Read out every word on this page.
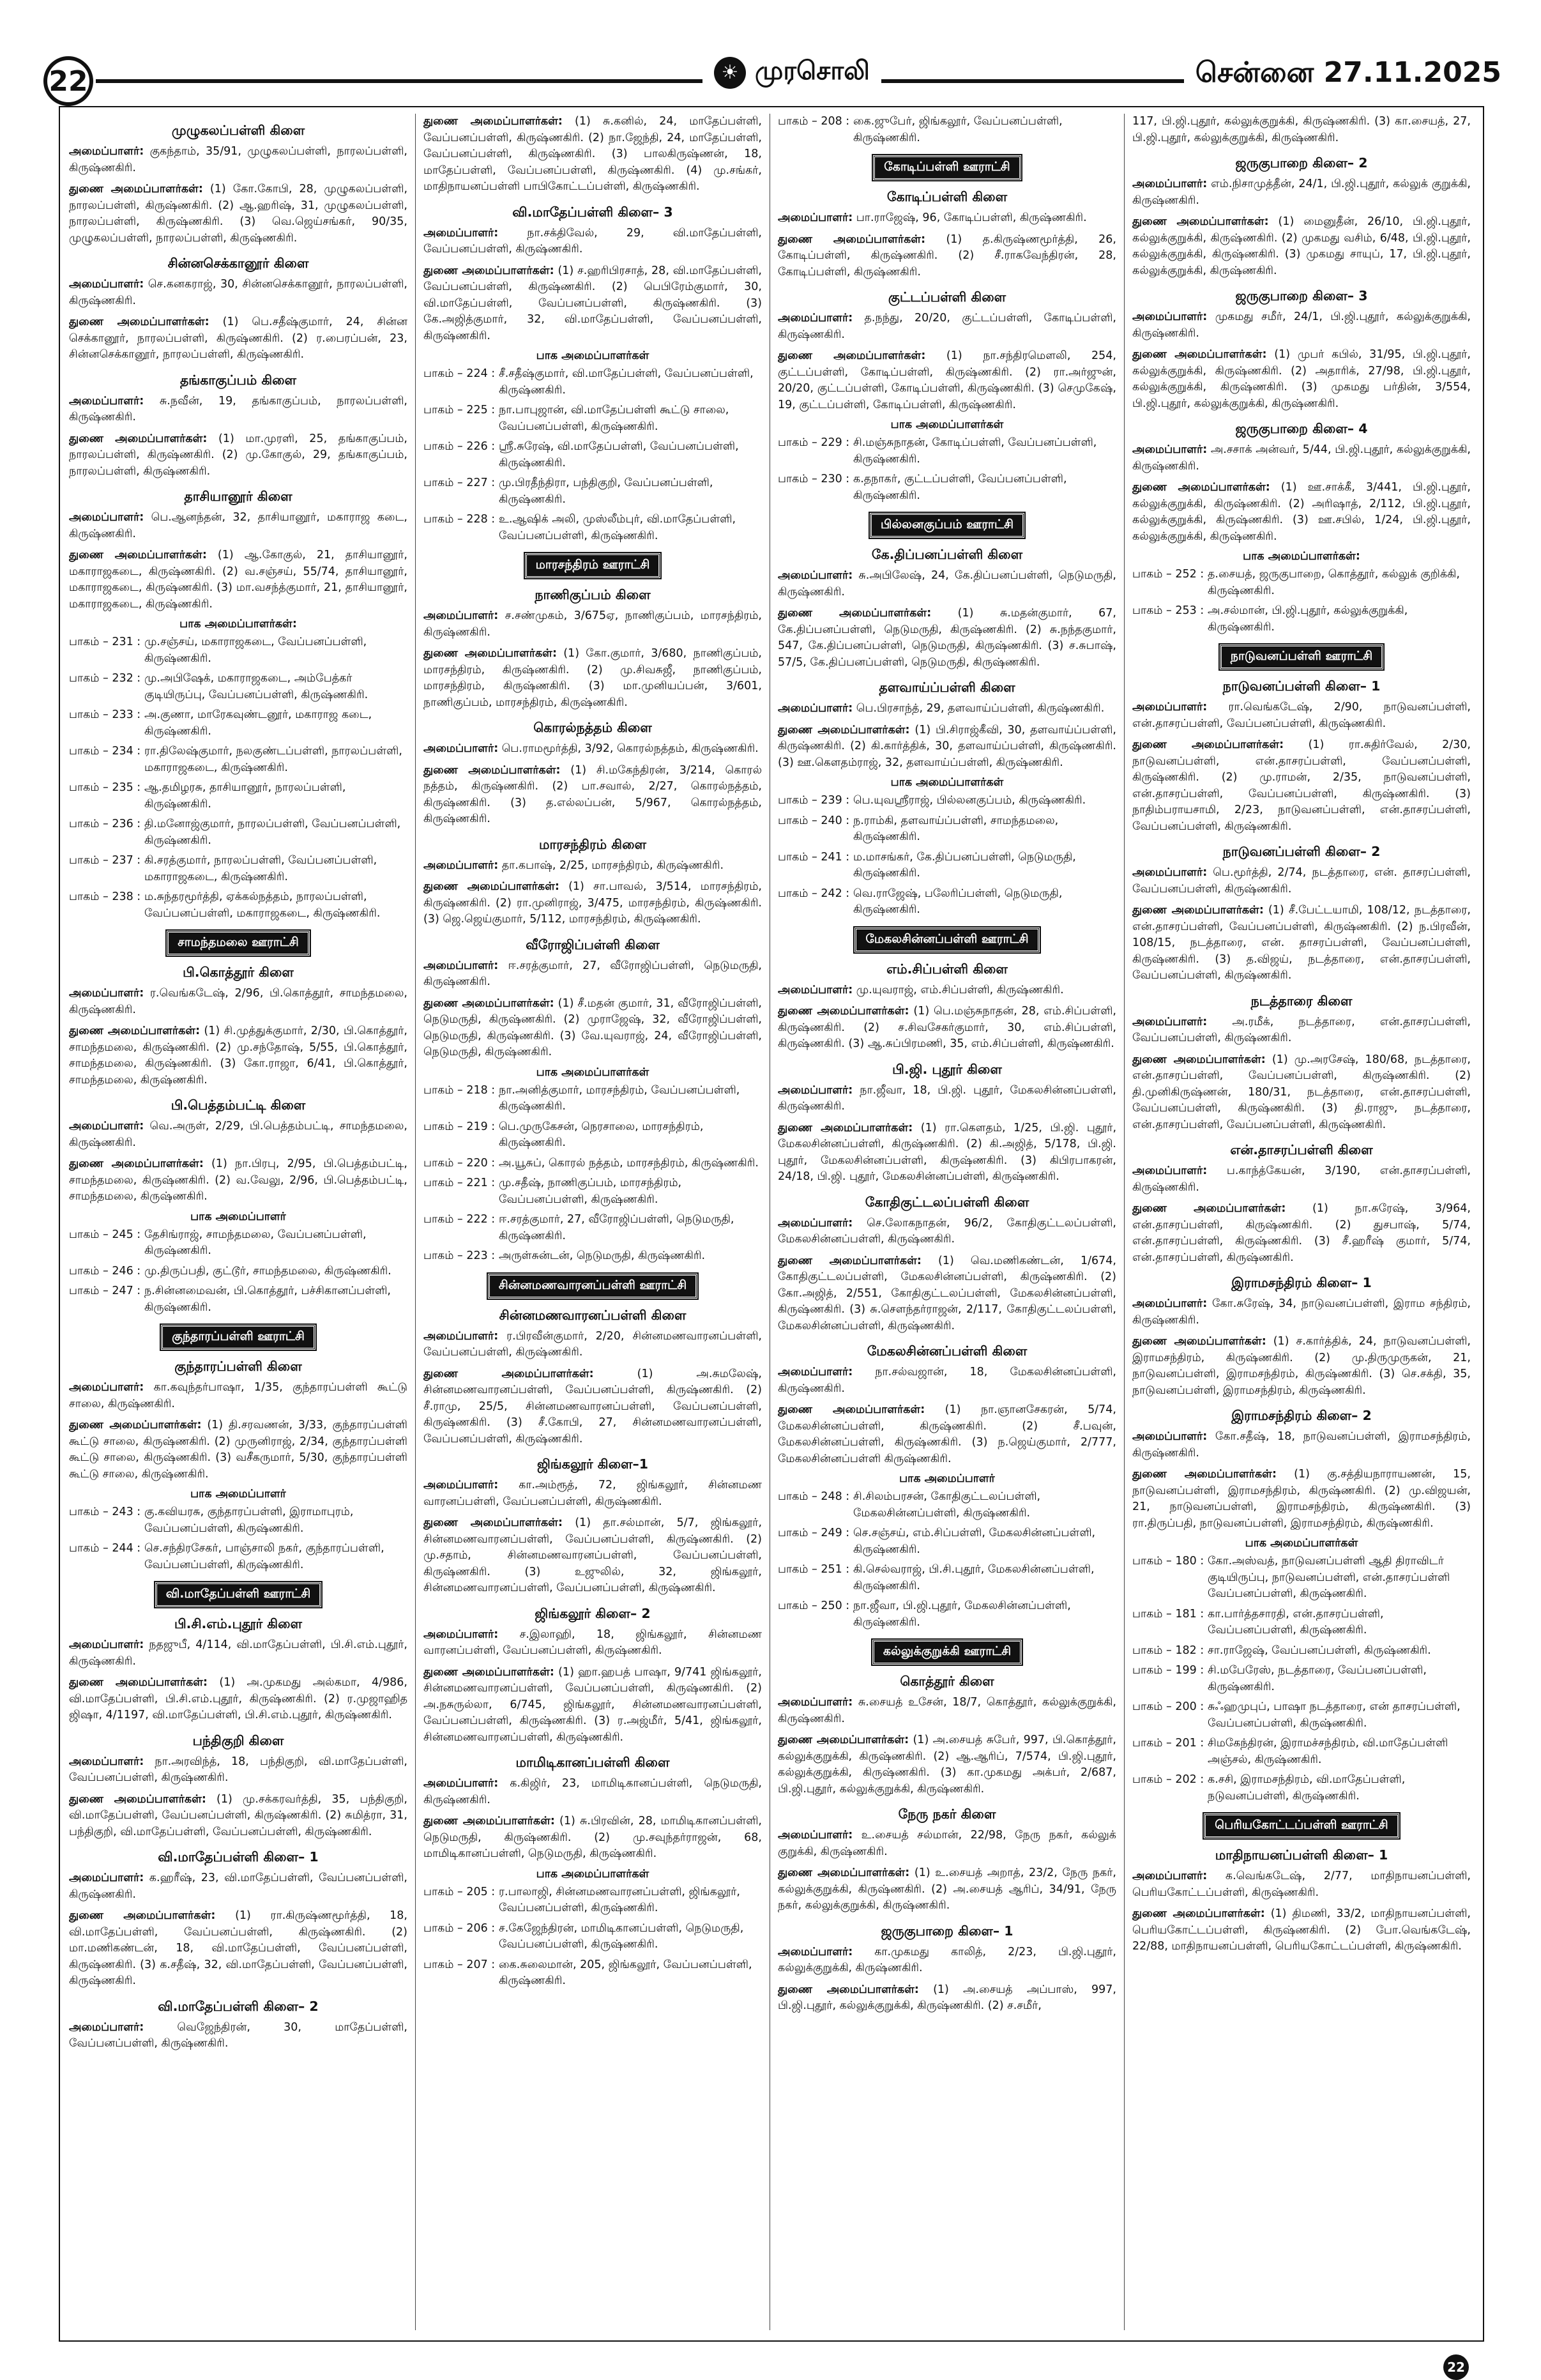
22	☀ முரசொலி	சென்னை 27.11.2025
முழுகலப்பள்ளி கிளை
அமைப்பாளர்: குகந்தாம், 35/91, முழுகலப்பள்ளி, நாரலப்பள்ளி, கிருஷ்ணகிரி.
துணை அமைப்பாளர்கள்: (1) கோ.கோபி, 28, முழுகலப்பள்ளி, நாரலப்பள்ளி, கிருஷ்ணகிரி. (2) ஆ.ஹரிஷ், 31, முழுகலப்பள்ளி, நாரலப்பள்ளி, கிருஷ்ணகிரி. (3) வெ.ஜெய்சங்கர், 90/35, முழுகலப்பள்ளி, நாரலப்பள்ளி, கிருஷ்ணகிரி.
சின்னசெக்கானூர் கிளை
அமைப்பாளர்: செ.கனகராஜ், 30, சின்னசெக்கானூர், நாரலப்பள்ளி, கிருஷ்ணகிரி.
துணை அமைப்பாளர்கள்: (1) பெ.சதீஷ்குமார், 24, சின்ன செக்கானூர், நாரலப்பள்ளி, கிருஷ்ணகிரி. (2) ர.பைரப்பன், 23, சின்னசெக்கானூர், நாரலப்பள்ளி, கிருஷ்ணகிரி.
தங்காகுப்பம் கிளை
அமைப்பாளர்: சு.நவீன், 19, தங்காகுப்பம், நாரலப்பள்ளி, கிருஷ்ணகிரி.
துணை அமைப்பாளர்கள்: (1) மா.முரளி, 25, தங்காகுப்பம், நாரலப்பள்ளி, கிருஷ்ணகிரி. (2) மு.கோகுல், 29, தங்காகுப்பம், நாரலப்பள்ளி, கிருஷ்ணகிரி.
தாசியானூர் கிளை
அமைப்பாளர்: பெ.ஆனந்தன், 32, தாசியானூர், மகாராஜ கடை, கிருஷ்ணகிரி.
துணை அமைப்பாளர்கள்: (1) ஆ.கோகுல், 21, தாசியானூர், மகாராஜகடை, கிருஷ்ணகிரி. (2) வ.சஞ்சய், 55/74, தாசியானூர், மகாராஜகடை, கிருஷ்ணகிரி. (3) மா.வசந்த்குமார், 21, தாசியானூர், மகாராஜகடை, கிருஷ்ணகிரி.
பாக அமைப்பாளர்கள்:
பாகம் – 231 : மு.சஞ்சய், மகாராஜகடை, வேப்பனப்பள்ளி, கிருஷ்ணகிரி.
பாகம் – 232 : மு.அபிஷேக், மகாராஜகடை, அம்பேத்கர் குடியிருப்பு, வேப்பனப்பள்ளி, கிருஷ்ணகிரி.
பாகம் – 233 : அ.குணா, மாரேகவுண்டனூர், மகாராஜ கடை, கிருஷ்ணகிரி.
பாகம் – 234 : ரா.திலேஷ்குமார், நலகுண்டப்பள்ளி, நாரலப்பள்ளி, மகாராஜகடை, கிருஷ்ணகிரி.
பாகம் – 235 : ஆ.தமிழரசு, தாசியானூர், நாரலப்பள்ளி, கிருஷ்ணகிரி.
பாகம் – 236 : தி.மனோஜ்குமார், நாரலப்பள்ளி, வேப்பனப்பள்ளி, கிருஷ்ணகிரி.
பாகம் – 237 : கி.சரத்குமார், நாரலப்பள்ளி, வேப்பனப்பள்ளி, மகாராஜகடை, கிருஷ்ணகிரி.
பாகம் – 238 : ம.சுந்தரமூர்த்தி, ஏக்கல்நத்தம், நாரலப்பள்ளி, வேப்பனப்பள்ளி, மகாராஜகடை, கிருஷ்ணகிரி.
சாமந்தமலை ஊராட்சி
பி.கொத்தூர் கிளை
அமைப்பாளர்: ர.வெங்கடேஷ், 2/96, பி.கொத்தூர், சாமந்தமலை, கிருஷ்ணகிரி.
துணை அமைப்பாளர்கள்: (1) சி.முத்துக்குமார், 2/30, பி.கொத்தூர், சாமந்தமலை, கிருஷ்ணகிரி. (2) மு.சந்தோஷ், 5/55, பி.கொத்தூர், சாமந்தமலை, கிருஷ்ணகிரி. (3) கோ.ராஜா, 6/41, பி.கொத்தூர், சாமந்தமலை, கிருஷ்ணகிரி.
பி.பெத்தம்பட்டி கிளை
அமைப்பாளர்: வெ.அருள், 2/29, பி.பெத்தம்பட்டி, சாமந்தமலை, கிருஷ்ணகிரி.
துணை அமைப்பாளர்கள்: (1) நா.பிரபு, 2/95, பி.பெத்தம்பட்டி, சாமந்தமலை, கிருஷ்ணகிரி. (2) வ.வேலு, 2/96, பி.பெத்தம்பட்டி, சாமந்தமலை, கிருஷ்ணகிரி.
பாக அமைப்பாளர்
பாகம் – 245 : தேசிங்ராஜ், சாமந்தமலை, வேப்பனப்பள்ளி, கிருஷ்ணகிரி.
பாகம் – 246 : மு.திருப்பதி, குட்டூர், சாமந்தமலை, கிருஷ்ணகிரி.
பாகம் – 247 : ந.சின்னமைவன், பி.கொத்தூர், பச்சிகானப்பள்ளி, கிருஷ்ணகிரி.
குந்தாரப்பள்ளி ஊராட்சி
குந்தாரப்பள்ளி கிளை
அமைப்பாளர்: கா.கவுந்தர்பாஷா, 1/35, குந்தாரப்பள்ளி கூட்டு சாலை, கிருஷ்ணகிரி.
துணை அமைப்பாளர்கள்: (1) தி.சரவணன், 3/33, குந்தாரப்பள்ளி கூட்டு சாலை, கிருஷ்ணகிரி. (2) முருனிராஜ், 2/34, குந்தாரப்பள்ளி கூட்டு சாலை, கிருஷ்ணகிரி. (3) வசீகருமார், 5/30, குந்தாரப்பள்ளி கூட்டு சாலை, கிருஷ்ணகிரி.
பாக அமைப்பாளர்
பாகம் – 243 : கு.கவியரசு, குந்தாரப்பள்ளி, இராமாபுரம், வேப்பனப்பள்ளி, கிருஷ்ணகிரி.
பாகம் – 244 : செ.சந்திரசேகர், பாஞ்சாலி நகர், குந்தாரப்பள்ளி, வேப்பனப்பள்ளி, கிருஷ்ணகிரி.
வி.மாதேப்பள்ளி ஊராட்சி
பி.சி.எம்.புதூர் கிளை
அமைப்பாளர்: நதஜுபீ, 4/114, வி.மாதேப்பள்ளி, பி.சி.எம்.புதூர், கிருஷ்ணகிரி.
துணை அமைப்பாளர்கள்: (1) அ.முகமது அல்கமா, 4/986, வி.மாதேப்பள்ளி, பி.சி.எம்.புதூர், கிருஷ்ணகிரி. (2) ர.முஜாஹித ஜிஷா, 4/1197, வி.மாதேப்பள்ளி, பி.சி.எம்.புதூர், கிருஷ்ணகிரி.
பந்திகுறி கிளை
அமைப்பாளர்: நா.அரவிந்த், 18, பந்திகுறி, வி.மாதேப்பள்ளி, வேப்பனப்பள்ளி, கிருஷ்ணகிரி.
துணை அமைப்பாளர்கள்: (1) மு.சக்கரவர்த்தி, 35, பந்திகுறி, வி.மாதேப்பள்ளி, வேப்பனப்பள்ளி, கிருஷ்ணகிரி. (2) சுமித்ரா, 31, பந்திகுறி, வி.மாதேப்பள்ளி, வேப்பனப்பள்ளி, கிருஷ்ணகிரி.
வி.மாதேப்பள்ளி கிளை– 1
அமைப்பாளர்: க.ஹரீஷ், 23, வி.மாதேப்பள்ளி, வேப்பனப்பள்ளி, கிருஷ்ணகிரி.
துணை அமைப்பாளர்கள்: (1) ரா.கிருஷ்ணமூர்த்தி, 18, வி.மாதேப்பள்ளி, வேப்பனப்பள்ளி, கிருஷ்ணகிரி. (2) மா.மணிகண்டன், 18, வி.மாதேப்பள்ளி, வேப்பனப்பள்ளி, கிருஷ்ணகிரி. (3) க.சதீஷ், 32, வி.மாதேப்பள்ளி, வேப்பனப்பள்ளி, கிருஷ்ணகிரி.
வி.மாதேப்பள்ளி கிளை– 2
அமைப்பாளர்: வெஜேந்திரன், 30, மாதேப்பள்ளி, வேப்பனப்பள்ளி, கிருஷ்ணகிரி.
துணை அமைப்பாளர்கள்: (1) சு.கனில், 24, மாதேப்பள்ளி, வேப்பனப்பள்ளி, கிருஷ்ணகிரி. (2) நா.ஜேந்தி, 24, மாதேப்பள்ளி, வேப்பனப்பள்ளி, கிருஷ்ணகிரி. (3) பாலகிருஷ்ணன், 18, மாதேப்பள்ளி, வேப்பனப்பள்ளி, கிருஷ்ணகிரி. (4) மு.சங்கர், மாதிநாயனப்பள்ளி பாபிகோட்டப்பள்ளி, கிருஷ்ணகிரி.
வி.மாதேப்பள்ளி கிளை– 3
அமைப்பாளர்: நா.சக்திவேல், 29, வி.மாதேப்பள்ளி, வேப்பனப்பள்ளி, கிருஷ்ணகிரி.
துணை அமைப்பாளர்கள்: (1) ச.ஹரிபிரசாத், 28, வி.மாதேப்பள்ளி, வேப்பனப்பள்ளி, கிருஷ்ணகிரி. (2) பெபிரேம்குமார், 30, வி.மாதேப்பள்ளி, வேப்பனப்பள்ளி, கிருஷ்ணகிரி. (3) கே.அஜித்குமார், 32, வி.மாதேப்பள்ளி, வேப்பனப்பள்ளி, கிருஷ்ணகிரி.
பாக அமைப்பாளர்கள்
பாகம் – 224 : சீ.சதீஷ்குமார், வி.மாதேப்பள்ளி, வேப்பனப்பள்ளி, கிருஷ்ணகிரி.
பாகம் – 225 : நா.பாபுஜான், வி.மாதேப்பள்ளி கூட்டு சாலை, வேப்பனப்பள்ளி, கிருஷ்ணகிரி.
பாகம் – 226 : ஸ்ரீ.சுரேஷ், வி.மாதேப்பள்ளி, வேப்பனப்பள்ளி, கிருஷ்ணகிரி.
பாகம் – 227 : மு.பிரதீந்திரா, பந்திகுறி, வேப்பனப்பள்ளி, கிருஷ்ணகிரி.
பாகம் – 228 : உ.ஆஷிக் அலி, முஸ்லீம்புர், வி.மாதேப்பள்ளி, வேப்பனப்பள்ளி, கிருஷ்ணகிரி.
மாரசந்திரம் ஊராட்சி
நாணிகுப்பம் கிளை
அமைப்பாளர்: ச.சண்முகம், 3/675ஏ, நாணிகுப்பம், மாரசந்திரம், கிருஷ்ணகிரி.
துணை அமைப்பாளர்கள்: (1) கோ.குமார், 3/680, நாணிகுப்பம், மாரசந்திரம், கிருஷ்ணகிரி. (2) மு.சிவசுஜீ, நாணிகுப்பம், மாரசந்திரம், கிருஷ்ணகிரி. (3) மா.முனியப்பன், 3/601, நாணிகுப்பம், மாரசந்திரம், கிருஷ்ணகிரி.
கொரல்நத்தம் கிளை
அமைப்பாளர்: பெ.ராமமூர்த்தி, 3/92, கொரல்நத்தம், கிருஷ்ணகிரி.
துணை அமைப்பாளர்கள்: (1) சி.மகேந்திரன், 3/214, கொரல் நத்தம், கிருஷ்ணகிரி. (2) பா.சவால், 2/27, கொரல்நத்தம், கிருஷ்ணகிரி. (3) த.எல்லப்பன், 5/967, கொரல்நத்தம், கிருஷ்ணகிரி.
மாரசந்திரம் கிளை
அமைப்பாளர்: தா.கபாஷ், 2/25, மாரசந்திரம், கிருஷ்ணகிரி.
துணை அமைப்பாளர்கள்: (1) சா.பாவல், 3/514, மாரசந்திரம், கிருஷ்ணகிரி. (2) ரா.முனிராஜ், 3/475, மாரசந்திரம், கிருஷ்ணகிரி. (3) ஜெ.ஜெய்குமார், 5/112, மாரசந்திரம், கிருஷ்ணகிரி.
வீரோஜிப்பள்ளி கிளை
அமைப்பாளர்: ஈ.சரத்குமார், 27, வீரோஜிப்பள்ளி, நெடுமருதி, கிருஷ்ணகிரி.
துணை அமைப்பாளர்கள்: (1) சீ.மதன் குமார், 31, வீரோஜிப்பள்ளி, நெடுமருதி, கிருஷ்ணகிரி. (2) முராஜேஷ், 32, வீரோஜிப்பள்ளி, நெடுமருதி, கிருஷ்ணகிரி. (3) வே.யுவராஜ், 24, வீரோஜிப்பள்ளி, நெடுமருதி, கிருஷ்ணகிரி.
பாக அமைப்பாளர்கள்
பாகம் – 218 : நா.அனித்குமார், மாரசந்திரம், வேப்பனப்பள்ளி, கிருஷ்ணகிரி.
பாகம் – 219 : பெ.முருகேசன், நெரசாலை, மாரசந்திரம், கிருஷ்ணகிரி.
பாகம் – 220 : அ.யூசுப், கொரல் நத்தம், மாரசந்திரம், கிருஷ்ணகிரி.
பாகம் – 221 : மு.சதீஷ், நாணிகுப்பம், மாரசந்திரம், வேப்பனப்பள்ளி, கிருஷ்ணகிரி.
பாகம் – 222 : ஈ.சரத்குமார், 27, வீரோஜிப்பள்ளி, நெடுமருதி, கிருஷ்ணகிரி.
பாகம் – 223 : அருள்சுன்டன், நெடுமருதி, கிருஷ்ணகிரி.
சின்னமணவாரனப்பள்ளி ஊராட்சி
சின்னமணவாரனப்பள்ளி கிளை
அமைப்பாளர்: ர.பிரவீன்குமார், 2/20, சின்னமணவாரனப்பள்ளி, வேப்பனப்பள்ளி, கிருஷ்ணகிரி.
துணை அமைப்பாளர்கள்: (1) அ.சுமலேஷ், சின்னமணவாரனப்பள்ளி, வேப்பனப்பள்ளி, கிருஷ்ணகிரி. (2) சீ.ராமு, 25/5, சின்னமணவாரனப்பள்ளி, வேப்பனப்பள்ளி, கிருஷ்ணகிரி. (3) சீ.கோபி, 27, சின்னமணவாரனப்பள்ளி, வேப்பனப்பள்ளி, கிருஷ்ணகிரி.
ஜிங்கலூர் கிளை–1
அமைப்பாளர்: கா.அம்ரூத், 72, ஜிங்கலூர், சின்னமண வாரனப்பள்ளி, வேப்பனப்பள்ளி, கிருஷ்ணகிரி.
துணை அமைப்பாளர்கள்: (1) தா.சல்மான், 5/7, ஜிங்கலூர், சின்னமணவாரனப்பள்ளி, வேப்பனப்பள்ளி, கிருஷ்ணகிரி. (2) மு.சதாம், சின்னமணவாரனப்பள்ளி, வேப்பனப்பள்ளி, கிருஷ்ணகிரி. (3) உஜுலில், 32, ஜிங்கலூர், சின்னமணவாரனப்பள்ளி, வேப்பனப்பள்ளி, கிருஷ்ணகிரி.
ஜிங்கலூர் கிளை– 2
அமைப்பாளர்: ச.இலாஹி, 18, ஜிங்கலூர், சின்னமண வாரனப்பள்ளி, வேப்பனப்பள்ளி, கிருஷ்ணகிரி.
துணை அமைப்பாளர்கள்: (1) ஹா.ஹபத் பாஷா, 9/741 ஜிங்கலூர், சின்னமணவாரனப்பள்ளி, வேப்பனப்பள்ளி, கிருஷ்ணகிரி. (2) அ.நசுருல்லா, 6/745, ஜிங்கலூர், சின்னமணவாரனப்பள்ளி, வேப்பனப்பள்ளி, கிருஷ்ணகிரி. (3) ர.அஜ்மீர், 5/41, ஜிங்கலூர், சின்னமணவாரனப்பள்ளி, கிருஷ்ணகிரி.
மாமிடிகானப்பள்ளி கிளை
அமைப்பாளர்: க.கிஜிர், 23, மாமிடிகானப்பள்ளி, நெடுமருதி, கிருஷ்ணகிரி.
துணை அமைப்பாளர்கள்: (1) சு.பிரவின், 28, மாமிடிகானப்பள்ளி, நெடுமருதி, கிருஷ்ணகிரி. (2) மு.சவுந்தர்ராஜன், 68, மாமிடிகானப்பள்ளி, நெடுமருதி, கிருஷ்ணகிரி.
பாக அமைப்பாளர்கள்
பாகம் – 205 : ர.பாலாஜி, சின்னமணவாரனப்பள்ளி, ஜிங்கலூர், வேப்பனப்பள்ளி, கிருஷ்ணகிரி.
பாகம் – 206 : ச.கேஜேந்திரன், மாமிடிகானப்பள்ளி, நெடுமருதி, வேப்பனப்பள்ளி, கிருஷ்ணகிரி.
பாகம் – 207 : கை.சுலைமான், 205, ஜிங்கலூர், வேப்பனப்பள்ளி, கிருஷ்ணகிரி.
பாகம் – 208 : கை.ஜுபேர், ஜிங்கலூர், வேப்பனப்பள்ளி, கிருஷ்ணகிரி.
கோடிப்பள்ளி ஊராட்சி
கோடிப்பள்ளி கிளை
அமைப்பாளர்: பா.ராஜேஷ், 96, கோடிப்பள்ளி, கிருஷ்ணகிரி.
துணை அமைப்பாளர்கள்: (1) த.கிருஷ்ணமூர்த்தி, 26, கோடிப்பள்ளி, கிருஷ்ணகிரி. (2) சீ.ராகவேந்திரன், 28, கோடிப்பள்ளி, கிருஷ்ணகிரி.
குட்டப்பள்ளி கிளை
அமைப்பாளர்: த.நந்து, 20/20, குட்டப்பள்ளி, கோடிப்பள்ளி, கிருஷ்ணகிரி.
துணை அமைப்பாளர்கள்: (1) நா.சந்திரமௌலி, 254, குட்டப்பள்ளி, கோடிப்பள்ளி, கிருஷ்ணகிரி. (2) ரா.அர்ஜுன், 20/20, குட்டப்பள்ளி, கோடிப்பள்ளி, கிருஷ்ணகிரி. (3) செமுகேஷ், 19, குட்டப்பள்ளி, கோடிப்பள்ளி, கிருஷ்ணகிரி.
பாக அமைப்பாளர்கள்
பாகம் – 229 : சி.மஞ்சுநாதன், கோடிப்பள்ளி, வேப்பனப்பள்ளி, கிருஷ்ணகிரி.
பாகம் – 230 : க.தநாகர், குட்டப்பள்ளி, வேப்பனப்பள்ளி, கிருஷ்ணகிரி.
பில்லனகுப்பம் ஊராட்சி
கே.திப்பனப்பள்ளி கிளை
அமைப்பாளர்: சு.அபிலேஷ், 24, கே.திப்பனப்பள்ளி, நெடுமருதி, கிருஷ்ணகிரி.
துணை அமைப்பாளர்கள்: (1) சு.மதன்குமார், 67, கே.திப்பனப்பள்ளி, நெடுமருதி, கிருஷ்ணகிரி. (2) சு.நந்தகுமார், 547, கே.திப்பனப்பள்ளி, நெடுமருதி, கிருஷ்ணகிரி. (3) ச.சுபாஷ், 57/5, கே.திப்பனப்பள்ளி, நெடுமருதி, கிருஷ்ணகிரி.
தளவாய்ப்பள்ளி கிளை
அமைப்பாளர்: பெ.பிரசாந்த், 29, தளவாய்ப்பள்ளி, கிருஷ்ணகிரி.
துணை அமைப்பாளர்கள்: (1) பி.சிராஜ்கீவி, 30, தளவாய்ப்பள்ளி, கிருஷ்ணகிரி. (2) கி.கார்த்திக், 30, தளவாய்ப்பள்ளி, கிருஷ்ணகிரி. (3) ஊ.கௌதம்ராஜ், 32, தளவாய்ப்பள்ளி, கிருஷ்ணகிரி.
பாக அமைப்பாளர்கள்
பாகம் – 239 : பெ.யுவஸ்ரீராஜ், பில்லனகுப்பம், கிருஷ்ணகிரி.
பாகம் – 240 : ந.ராம்கி, தளவாய்ப்பள்ளி, சாமந்தமலை, கிருஷ்ணகிரி.
பாகம் – 241 : ம.மாசங்கர், கே.திப்பனப்பள்ளி, நெடுமருதி, கிருஷ்ணகிரி.
பாகம் – 242 : வெ.ராஜேஷ், பலேரிப்பள்ளி, நெடுமருதி, கிருஷ்ணகிரி.
மேகலசின்னப்பள்ளி ஊராட்சி
எம்.சிப்பள்ளி கிளை
அமைப்பாளர்: மு.யுவராஜ், எம்.சிப்பள்ளி, கிருஷ்ணகிரி.
துணை அமைப்பாளர்கள்: (1) பெ.மஞ்சுநாதன், 28, எம்.சிப்பள்ளி, கிருஷ்ணகிரி. (2) ச.சிவசேகர்குமார், 30, எம்.சிப்பள்ளி, கிருஷ்ணகிரி. (3) ஆ.சுப்பிரமணி, 35, எம்.சிப்பள்ளி, கிருஷ்ணகிரி.
பி.ஜி. புதூர் கிளை
அமைப்பாளர்: நா.ஜீவா, 18, பி.ஜி. புதூர், மேகலசின்னப்பள்ளி, கிருஷ்ணகிரி.
துணை அமைப்பாளர்கள்: (1) ரா.கௌதம், 1/25, பி.ஜி. புதூர், மேகலசின்னப்பள்ளி, கிருஷ்ணகிரி. (2) கி.அஜித், 5/178, பி.ஜி. புதூர், மேகலசின்னப்பள்ளி, கிருஷ்ணகிரி. (3) கிபிரபாகரன், 24/18, பி.ஜி. புதூர், மேகலசின்னப்பள்ளி, கிருஷ்ணகிரி.
கோதிகுட்டலப்பள்ளி கிளை
அமைப்பாளர்: செ.லோகநாதன், 96/2, கோதிகுட்டலப்பள்ளி, மேகலசின்னப்பள்ளி, கிருஷ்ணகிரி.
துணை அமைப்பாளர்கள்: (1) வெ.மணிகண்டன், 1/674, கோதிகுட்டலப்பள்ளி, மேகலசின்னப்பள்ளி, கிருஷ்ணகிரி. (2) கோ.அஜித், 2/551, கோதிகுட்டலப்பள்ளி, மேகலசின்னப்பள்ளி, கிருஷ்ணகிரி. (3) சு.சௌந்தர்ராஜன், 2/117, கோதிகுட்டலப்பள்ளி, மேகலசின்னப்பள்ளி, கிருஷ்ணகிரி.
மேகலசின்னப்பள்ளி கிளை
அமைப்பாளர்: நா.சல்வஜான், 18, மேகலசின்னப்பள்ளி, கிருஷ்ணகிரி.
துணை அமைப்பாளர்கள்: (1) நா.ஞானசேகரன், 5/74, மேகலசின்னப்பள்ளி, கிருஷ்ணகிரி. (2) சீ.பவுன், மேகலசின்னப்பள்ளி, கிருஷ்ணகிரி. (3) ந.ஜெய்குமார், 2/777, மேகலசின்னப்பள்ளி கிருஷ்ணகிரி.
பாக அமைப்பாளர்
பாகம் – 248 : சி.சிலம்பரசன், கோதிகுட்டலப்பள்ளி, மேகலசின்னப்பள்ளி, கிருஷ்ணகிரி.
பாகம் – 249 : செ.சஞ்சய், எம்.சிப்பள்ளி, மேகலசின்னப்பள்ளி, கிருஷ்ணகிரி.
பாகம் – 251 : கி.செல்வராஜ், பி.சி.புதூர், மேகலசின்னப்பள்ளி, கிருஷ்ணகிரி.
பாகம் – 250 : நா.ஜீவா, பி.ஜி.புதூர், மேகலசின்னப்பள்ளி, கிருஷ்ணகிரி.
கல்லுக்குறுக்கி ஊராட்சி
கொத்தூர் கிளை
அமைப்பாளர்: சு.சையத் உசேன், 18/7, கொத்தூர், கல்லுக்குறுக்கி, கிருஷ்ணகிரி.
துணை அமைப்பாளர்கள்: (1) அ.சையத் சுபேர், 997, பி.கொத்தூர், கல்லுக்குறுக்கி, கிருஷ்ணகிரி. (2) ஆ.ஆரிப், 7/574, பி.ஜி.புதூர், கல்லுக்குறுக்கி, கிருஷ்ணகிரி. (3) கா.முகமது அக்பர், 2/687, பி.ஜி.புதூர், கல்லுக்குறுக்கி, கிருஷ்ணகிரி.
நேரு நகர் கிளை
அமைப்பாளர்: உ.சையத் சல்மான், 22/98, நேரு நகர், கல்லுக் குறுக்கி, கிருஷ்ணகிரி.
துணை அமைப்பாளர்கள்: (1) உ.சையத் அறாத், 23/2, நேரு நகர், கல்லுக்குறுக்கி, கிருஷ்ணகிரி. (2) அ.சையத் ஆரிப், 34/91, நேரு நகர், கல்லுக்குறுக்கி, கிருஷ்ணகிரி.
ஜருகுபாறை கிளை– 1
அமைப்பாளர்: கா.முகமது காலித், 2/23, பி.ஜி.புதூர், கல்லுக்குறுக்கி, கிருஷ்ணகிரி.
துணை அமைப்பாளர்கள்: (1) அ.சையத் அப்பாஸ், 997, பி.ஜி.புதூர், கல்லுக்குறுக்கி, கிருஷ்ணகிரி. (2) ச.சமீர்,
117, பி.ஜி.புதூர், கல்லுக்குறுக்கி, கிருஷ்ணகிரி. (3) கா.சையத், 27, பி.ஜி.புதூர், கல்லுக்குறுக்கி, கிருஷ்ணகிரி.
ஜருகுபாறை கிளை– 2
அமைப்பாளர்: எம்.நிசாமுத்தீன், 24/1, பி.ஜி.புதூர், கல்லுக் குறுக்கி, கிருஷ்ணகிரி.
துணை அமைப்பாளர்கள்: (1) மைனுதீன், 26/10, பி.ஜி.புதூர், கல்லுக்குறுக்கி, கிருஷ்ணகிரி. (2) முகமது வசிம், 6/48, பி.ஜி.புதூர், கல்லுக்குறுக்கி, கிருஷ்ணகிரி. (3) முகமது சாயுப், 17, பி.ஜி.புதூர், கல்லுக்குறுக்கி, கிருஷ்ணகிரி.
ஜருகுபாறை கிளை– 3
அமைப்பாளர்: முகமது சமீர், 24/1, பி.ஜி.புதூர், கல்லுக்குறுக்கி, கிருஷ்ணகிரி.
துணை அமைப்பாளர்கள்: (1) முபர் கபில், 31/95, பி.ஜி.புதூர், கல்லுக்குறுக்கி, கிருஷ்ணகிரி. (2) அதாரிக், 27/98, பி.ஜி.புதூர், கல்லுக்குறுக்கி, கிருஷ்ணகிரி. (3) முகமது பர்தின், 3/554, பி.ஜி.புதூர், கல்லுக்குறுக்கி, கிருஷ்ணகிரி.
ஜருகுபாறை கிளை– 4
அமைப்பாளர்: அ.சசாக் அன்வர், 5/44, பி.ஜி.புதூர், கல்லுக்குறுக்கி, கிருஷ்ணகிரி.
துணை அமைப்பாளர்கள்: (1) ஊ.சாக்கீ, 3/441, பி.ஜி.புதூர், கல்லுக்குறுக்கி, கிருஷ்ணகிரி. (2) அரிஷாத், 2/112, பி.ஜி.புதூர், கல்லுக்குறுக்கி, கிருஷ்ணகிரி. (3) ஊ.சபில், 1/24, பி.ஜி.புதூர், கல்லுக்குறுக்கி, கிருஷ்ணகிரி.
பாக அமைப்பாளர்கள்:
பாகம் – 252 : த.சையத், ஜருகுபாறை, கொத்தூர், கல்லுக் குறிக்கி, கிருஷ்ணகிரி.
பாகம் – 253 : அ.சல்மான், பி.ஜி.புதூர், கல்லுக்குறுக்கி, கிருஷ்ணகிரி.
நாடுவனப்பள்ளி ஊராட்சி
நாடுவனப்பள்ளி கிளை– 1
அமைப்பாளர்: ரா.வெங்கடேஷ், 2/90, நாடுவனப்பள்ளி, என்.தாசரப்பள்ளி, வேப்பனப்பள்ளி, கிருஷ்ணகிரி.
துணை அமைப்பாளர்கள்: (1) ரா.சுதிர்வேல், 2/30, நாடுவனப்பள்ளி, என்.தாசரப்பள்ளி, வேப்பனப்பள்ளி, கிருஷ்ணகிரி. (2) மு.ராமன், 2/35, நாடுவனப்பள்ளி, என்.தாசரப்பள்ளி, வேப்பனப்பள்ளி, கிருஷ்ணகிரி. (3) நாதிம்பராயசாமி, 2/23, நாடுவனப்பள்ளி, என்.தாசரப்பள்ளி, வேப்பனப்பள்ளி, கிருஷ்ணகிரி.
நாடுவனப்பள்ளி கிளை– 2
அமைப்பாளர்: பெ.மூர்த்தி, 2/74, நடத்தாரை, என். தாசரப்பள்ளி, வேப்பனப்பள்ளி, கிருஷ்ணகிரி.
துணை அமைப்பாளர்கள்: (1) சீ.பேட்டயாமி, 108/12, நடத்தாரை, என்.தாசரப்பள்ளி, வேப்பனப்பள்ளி, கிருஷ்ணகிரி. (2) ந.பிரவீன், 108/15, நடத்தாரை, என். தாசரப்பள்ளி, வேப்பனப்பள்ளி, கிருஷ்ணகிரி. (3) த.விஜய், நடத்தாரை, என்.தாசரப்பள்ளி, வேப்பனப்பள்ளி, கிருஷ்ணகிரி.
நடத்தாரை கிளை
அமைப்பாளர்: அ.ரமீக், நடத்தாரை, என்.தாசரப்பள்ளி, வேப்பனப்பள்ளி, கிருஷ்ணகிரி.
துணை அமைப்பாளர்கள்: (1) மு.அரசேஷ், 180/68, நடத்தாரை, என்.தாசரப்பள்ளி, வேப்பனப்பள்ளி, கிருஷ்ணகிரி. (2) தி.முனிகிருஷ்ணன், 180/31, நடத்தாரை, என்.தாசரப்பள்ளி, வேப்பனப்பள்ளி, கிருஷ்ணகிரி. (3) தி.ராஜு, நடத்தாரை, என்.தாசரப்பள்ளி, வேப்பனப்பள்ளி, கிருஷ்ணகிரி.
என்.தாசரப்பள்ளி கிளை
அமைப்பாளர்: ப.காந்த்கேயன், 3/190, என்.தாசரப்பள்ளி, கிருஷ்ணகிரி.
துணை அமைப்பாளர்கள்: (1) நா.சுரேஷ், 3/964, என்.தாசரப்பள்ளி, கிருஷ்ணகிரி. (2) துசபாஷ், 5/74, என்.தாசரப்பள்ளி, கிருஷ்ணகிரி. (3) சீ.ஹரீஷ் குமார், 5/74, என்.தாசரப்பள்ளி, கிருஷ்ணகிரி.
இராமசந்திரம் கிளை– 1
அமைப்பாளர்: கோ.சுரேஷ், 34, நாடுவனப்பள்ளி, இராம சந்திரம், கிருஷ்ணகிரி.
துணை அமைப்பாளர்கள்: (1) ச.கார்த்திக், 24, நாடுவனப்பள்ளி, இராமசந்திரம், கிருஷ்ணகிரி. (2) மு.திருமுருகன், 21, நாடுவனப்பள்ளி, இராமசந்திரம், கிருஷ்ணகிரி. (3) செ.சக்தி, 35, நாடுவனப்பள்ளி, இராமசந்திரம், கிருஷ்ணகிரி.
இராமசந்திரம் கிளை– 2
அமைப்பாளர்: கோ.சதீஷ், 18, நாடுவனப்பள்ளி, இராமசந்திரம், கிருஷ்ணகிரி.
துணை அமைப்பாளர்கள்: (1) கு.சத்தியநாராயணன், 15, நாடுவனப்பள்ளி, இராமசந்திரம், கிருஷ்ணகிரி. (2) மு.விஜயன், 21, நாடுவனப்பள்ளி, இராமசந்திரம், கிருஷ்ணகிரி. (3) ரா.திருப்பதி, நாடுவனப்பள்ளி, இராமசந்திரம், கிருஷ்ணகிரி.
பாக அமைப்பாளர்கள்
பாகம் – 180 : கோ.அஸ்வத், நாடுவனப்பள்ளி ஆதி திராவிடர் குடியிருப்பு, நாடுவனப்பள்ளி, என்.தாசரப்பள்ளி வேப்பனப்பள்ளி, கிருஷ்ணகிரி.
பாகம் – 181 : கா.பார்த்தசாரதி, என்.தாசரப்பள்ளி, வேப்பனப்பள்ளி, கிருஷ்ணகிரி.
பாகம் – 182 : சா.ராஜேஷ், வேப்பனப்பள்ளி, கிருஷ்ணகிரி.
பாகம் – 199 : சி.மபேரேஸ், நடத்தாரை, வேப்பனப்பள்ளி, கிருஷ்ணகிரி.
பாகம் – 200 : சுஃஹமுபுப், பாஷா நடத்தாரை, என் தாசரப்பள்ளி, வேப்பனப்பள்ளி, கிருஷ்ணகிரி.
பாகம் – 201 : சிமகேந்திரன், இராமச்சந்திரம், வி.மாதேப்பள்ளி அஞ்சல், கிருஷ்ணகிரி.
பாகம் – 202 : க.சசி, இராமசந்திரம், வி.மாதேப்பள்ளி, நடுவனப்பள்ளி, கிருஷ்ணகிரி.
பெரியகோட்டப்பள்ளி ஊராட்சி
மாதிநாயனப்பள்ளி கிளை– 1
அமைப்பாளர்: க.வெங்கடேஷ், 2/77, மாதிநாயனப்பள்ளி, பெரியகோட்டப்பள்ளி, கிருஷ்ணகிரி.
துணை அமைப்பாளர்கள்: (1) திமணி, 33/2, மாதிநாயனப்பள்ளி, பெரியகோட்டப்பள்ளி, கிருஷ்ணகிரி. (2) போ.வெங்கடேஷ், 22/88, மாதிநாயனப்பள்ளி, பெரியகோட்டப்பள்ளி, கிருஷ்ணகிரி.
22
